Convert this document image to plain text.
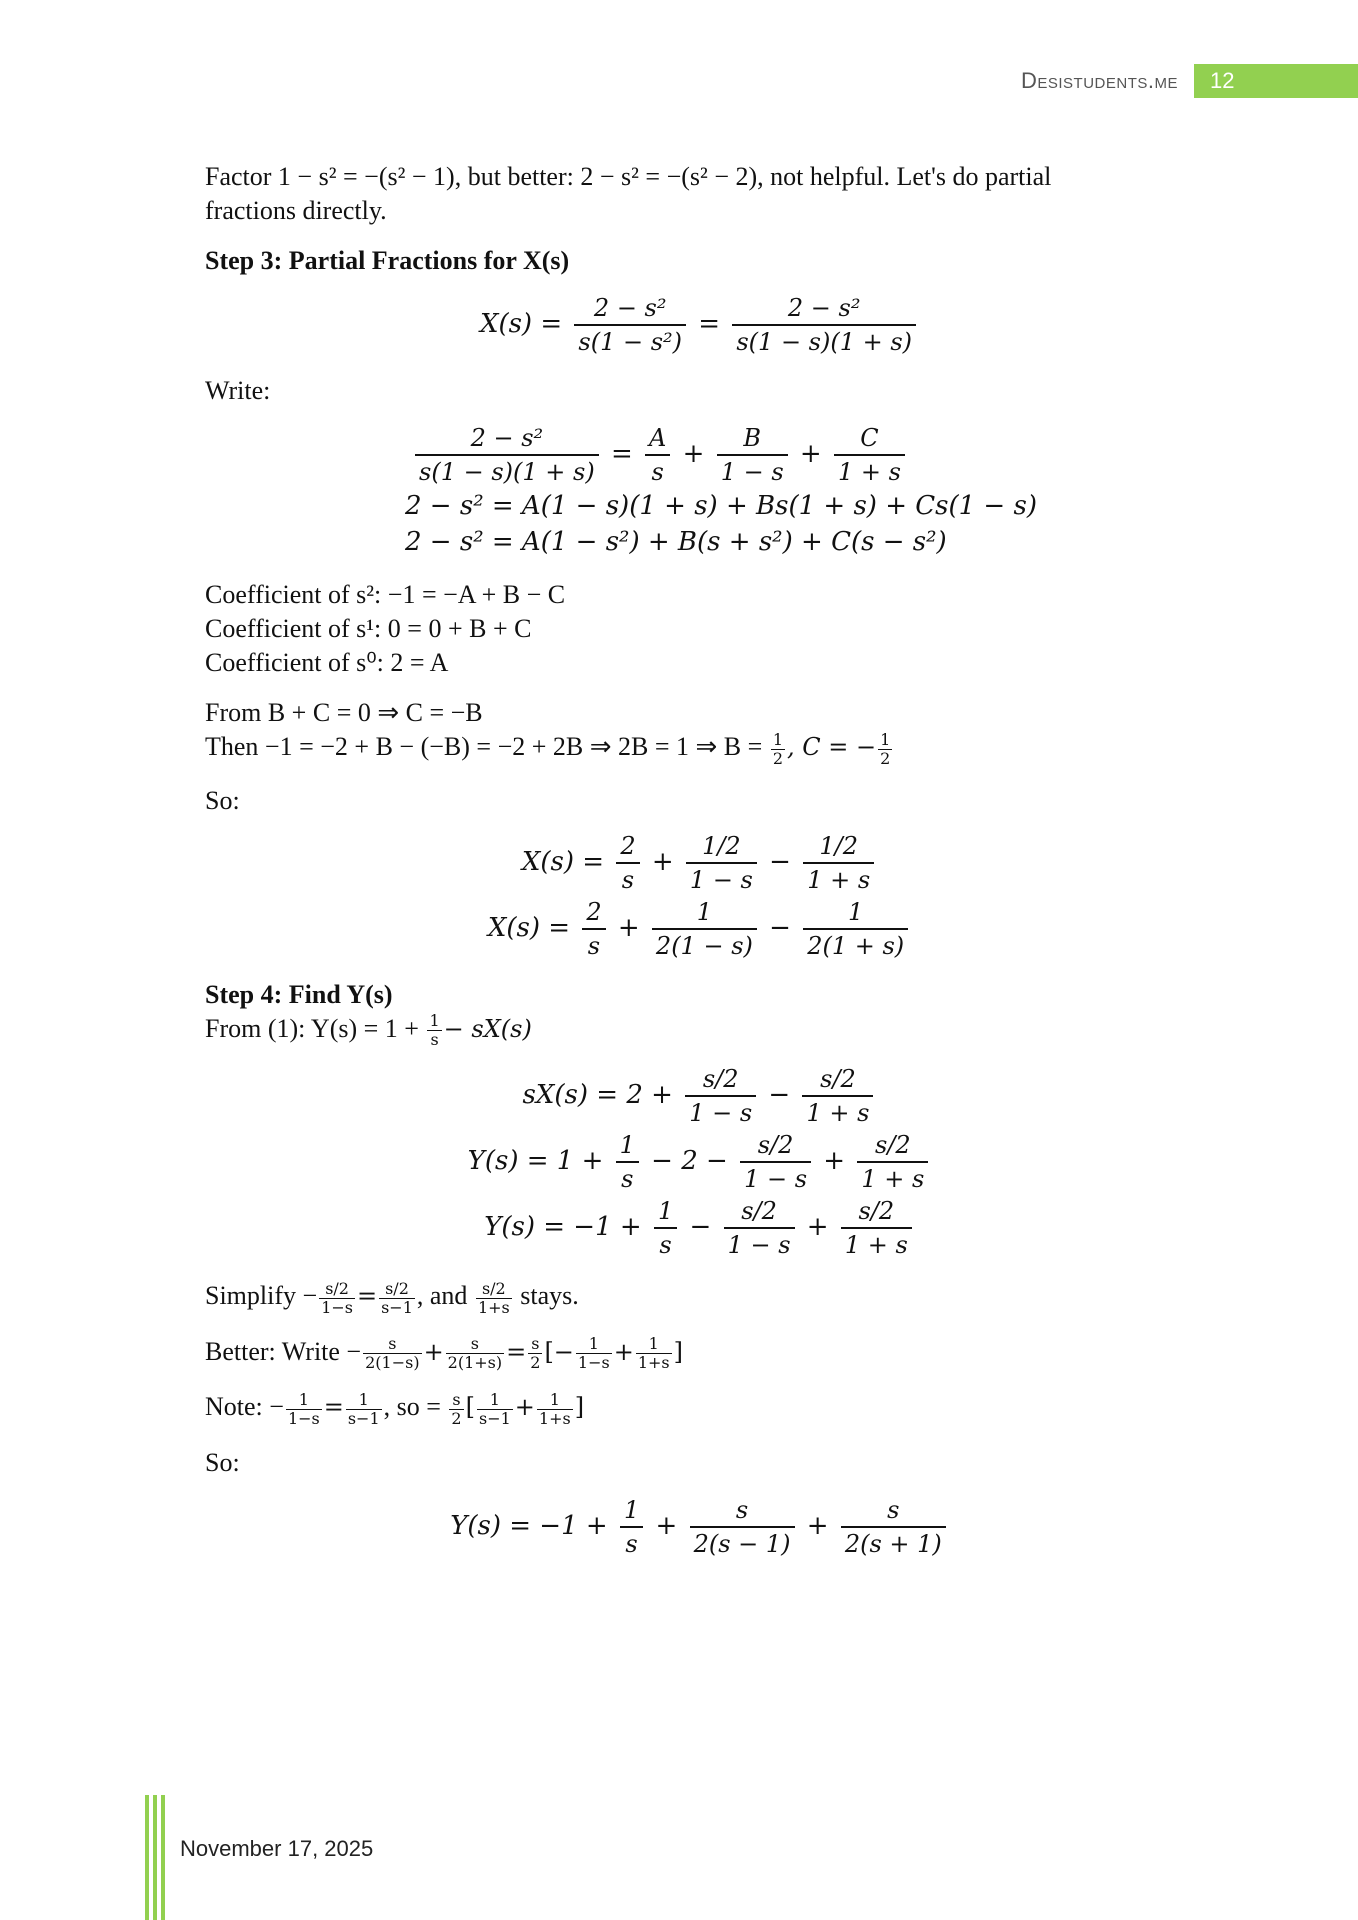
Desistudents.me	12

Factor 1 − s² = −(s² − 1), but better: 2 − s² = −(s² − 2), not helpful. Let's do partial

fractions directly.

Step 3: Partial Fractions for X(s)

$X(s) = \frac{\text{2 − s²}}{\text{s(1 − s²)}} = \frac{\text{2 − s²}}{s(1 - s)(1 + s)}$

Write:

$\frac{\text{2 − s²}}{s(1 - s)(1 + s)} = \frac{A}{s} + \frac{B}{1 - s} + \frac{C}{1 + s}$
2 − s² = A(1 − s)(1 + s) + Bs(1 + s) + Cs(1 − s)
2 − s² = A(1 − s²) + B(s + s²) + C(s − s²)

Coefficient of s²: −1 = −A + B − C

Coefficient of s¹: 0 = 0 + B + C

Coefficient of s⁰: 2 = A

From B + C = 0 ⇒ C = −B

Then −1 = −2 + B − (−B) = −2 + 2B ⇒ 2B = 1 ⇒ $B = \frac{1}{2}$ , C = − $\frac{1}{2}$

So:

$X(s) = \frac{2}{s} + \frac{1/2}{1 - s} - \frac{1/2}{1 + s}$
$X(s) = \frac{2}{s} + \frac{1}{2(1 - s)} - \frac{1}{2(1 + s)}$

Step 4: Find Y(s)

From (1): $Y(s) = 1 + \frac{1}{s} - sX(s)$

$sX(s) = 2 + \frac{s/2}{1 - s} - \frac{s/2}{1 + s}$
$Y(s) = 1 + \frac{1}{s} - 2 - \frac{s/2}{1 - s} + \frac{s/2}{1 + s}$
$Y(s) = -1 + \frac{1}{s} - \frac{s/2}{1 - s} + \frac{s/2}{1 + s}$

Simplify − $\frac{s/2}{1-s} = \frac{s/2}{s-1}$ , and $\frac{s/2}{1+s}$ stays.

Better: Write − $\frac{s}{2(1-s)} + \frac{s}{2(1+s)} = \frac{s}{2}$ [− $\frac{1}{1-s} + \frac{1}{1+s}$ ]

Note: − $\frac{1}{1-s} = \frac{1}{s-1}$ , so = $\frac{s}{2}$ [ $\frac{1}{s-1} + \frac{1}{1+s}$ ]

So:

$Y(s) = -1 + \frac{1}{s} + \frac{s}{2(s - 1)} + \frac{s}{2(s + 1)}$
November 17, 2025
